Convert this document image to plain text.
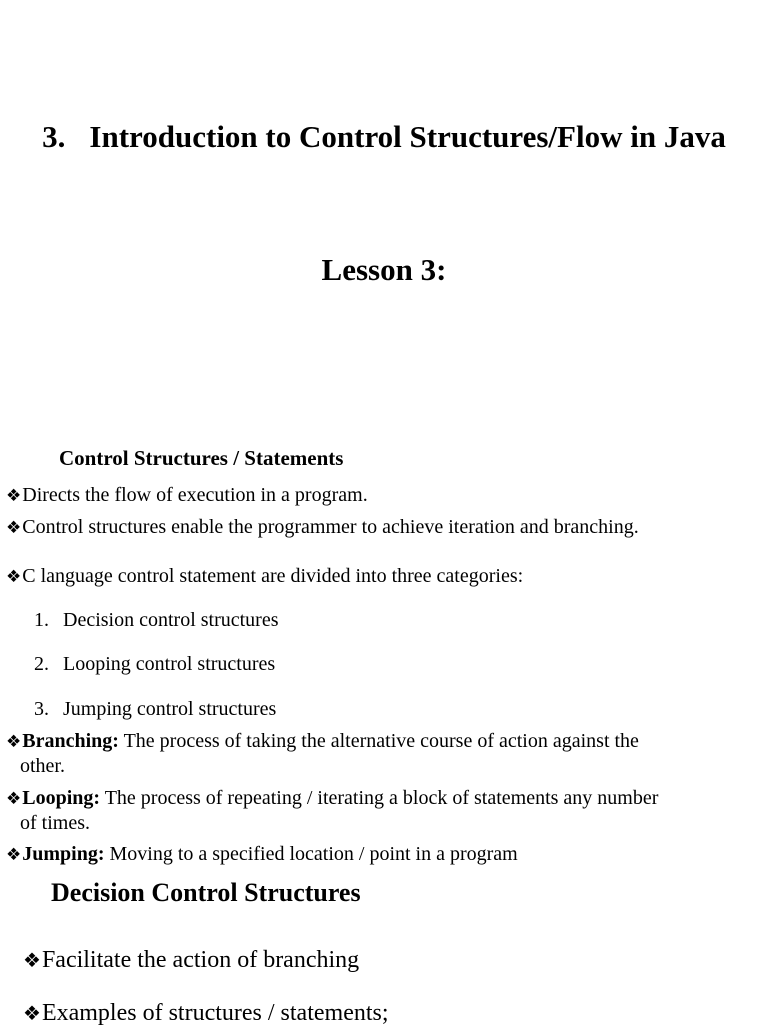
3. Introduction to Control Structures/Flow in Java
Lesson 3:
Control Structures / Statements
❖Directs the flow of execution in a program.
❖Control structures enable the programmer to achieve iteration and branching.
❖C language control statement are divided into three categories:
1. Decision control structures
2. Looping control structures
3. Jumping control structures
❖Branching: The process of taking the alternative course of action against the
other.
❖Looping: The process of repeating / iterating a block of statements any number
of times.
❖Jumping: Moving to a specified location / point in a program
Decision Control Structures
❖Facilitate the action of branching
❖Examples of structures / statements;
